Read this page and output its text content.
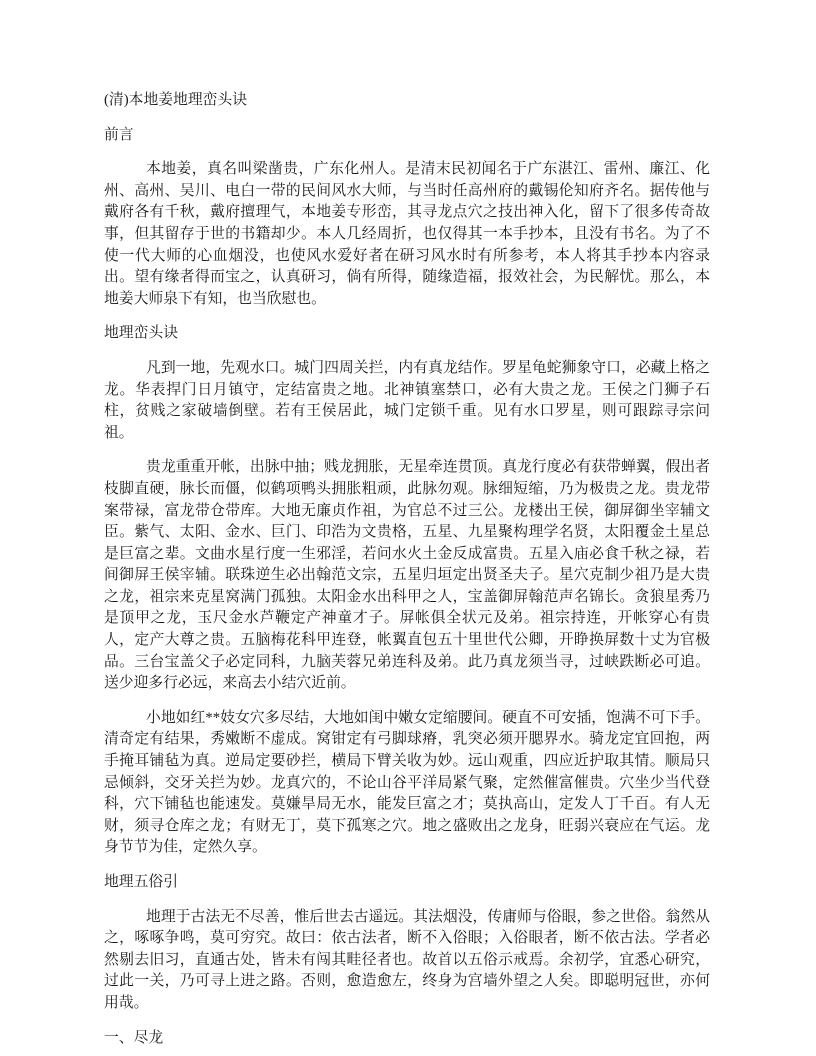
(清)本地姜地理峦头诀

前言

本地姜，真名叫梁凿贵，广东化州人。是清末民初闻名于广东湛江、雷州、廉江、化州、高州、吴川、电白一带的民间风水大师，与当时任高州府的戴锡伦知府齐名。据传他与戴府各有千秋，戴府擅理气，本地姜专形峦，其寻龙点穴之技出神入化，留下了很多传奇故事，但其留存于世的书籍却少。本人几经周折，也仅得其一本手抄本，且没有书名。为了不使一代大师的心血烟没，也使风水爱好者在研习风水时有所参考，本人将其手抄本内容录出。望有缘者得而宝之，认真研习，倘有所得，随缘造福，报效社会，为民解忧。那么，本地姜大师泉下有知，也当欣慰也。

地理峦头诀

凡到一地，先观水口。城门四周关拦，内有真龙结作。罗星龟蛇狮象守口，必藏上格之龙。华表捍门日月镇守，定结富贵之地。北神镇塞禁口，必有大贵之龙。王侯之门狮子石柱，贫贱之家破墙倒壁。若有王侯居此，城门定锁千重。见有水口罗星，则可跟踪寻宗问祖。

贵龙重重开帐，出脉中抽；贱龙拥胀，无星牵连贯顶。真龙行度必有获带蝉翼，假出者枝脚直硬，脉长而僵，似鹤项鸭头拥胀粗顽，此脉勿观。脉细短缩，乃为极贵之龙。贵龙带案带禄，富龙带仓带库。大地无廉贞作祖，为官总不过三公。龙楼出王侯，御屏御坐宰辅文臣。紫气、太阳、金水、巨门、印浩为文贵格，五星、九星聚构理学名贤，太阳覆金土星总是巨富之辈。文曲水星行度一生邪淫，若问水火土金反成富贵。五星入庙必食千秋之禄，若间御屏王侯宰辅。联珠逆生必出翰范文宗，五星归垣定出贤圣夫子。星穴克制少祖乃是大贵之龙，祖宗来克星窝满门孤独。太阳金水出科甲之人，宝盖御屏翰范声名锦长。贪狼星秀乃是顶甲之龙，玉尺金水芦鞭定产神童才子。屏帐俱全状元及弟。祖宗持连，开帐穿心有贵人，定产大尊之贵。五脑梅花科甲连登，帐翼直包五十里世代公卿，开睁换屏数十丈为官极品。三台宝盖父子必定同科，九脑芙蓉兄弟连科及弟。此乃真龙须当寻，过峡跌断必可追。送少迎多行必远，来高去小结穴近前。

小地如红**妓女穴多尽结，大地如闺中嫩女定缩腰间。硬直不可安插，饱满不可下手。清奇定有结果，秀嫩断不虚成。窝钳定有弓脚球瘠，乳突必须开腮界水。骑龙定宜回抱，两手掩耳铺毡为真。逆局定要砂拦，横局下臂关收为妙。远山观重，四应近护取其情。顺局只忌倾斜，交牙关拦为妙。龙真穴的，不论山谷平洋局紧气聚，定然催富催贵。穴坐少当代登科，穴下铺毡也能速发。莫嫌旱局无水，能发巨富之才；莫执高山，定发人丁千百。有人无财，须寻仓库之龙；有财无丁，莫下孤寒之穴。地之盛败出之龙身，旺弱兴衰应在气运。龙身节节为佳，定然久享。

地理五俗引

地理于古法无不尽善，惟后世去古遥远。其法烟没，传庸师与俗眼，参之世俗。翁然从之，啄啄争鸣，莫可穷究。故曰：依古法者，断不入俗眼；入俗眼者，断不依古法。学者必然剔去旧习，直通古处，皆未有闯其畦径者也。故首以五俗示戒焉。余初学，宜悉心研究，过此一关，乃可寻上进之路。否则，愈造愈左，终身为宫墙外望之人矣。即聪明冠世，亦何用哉。

一、尽龙
